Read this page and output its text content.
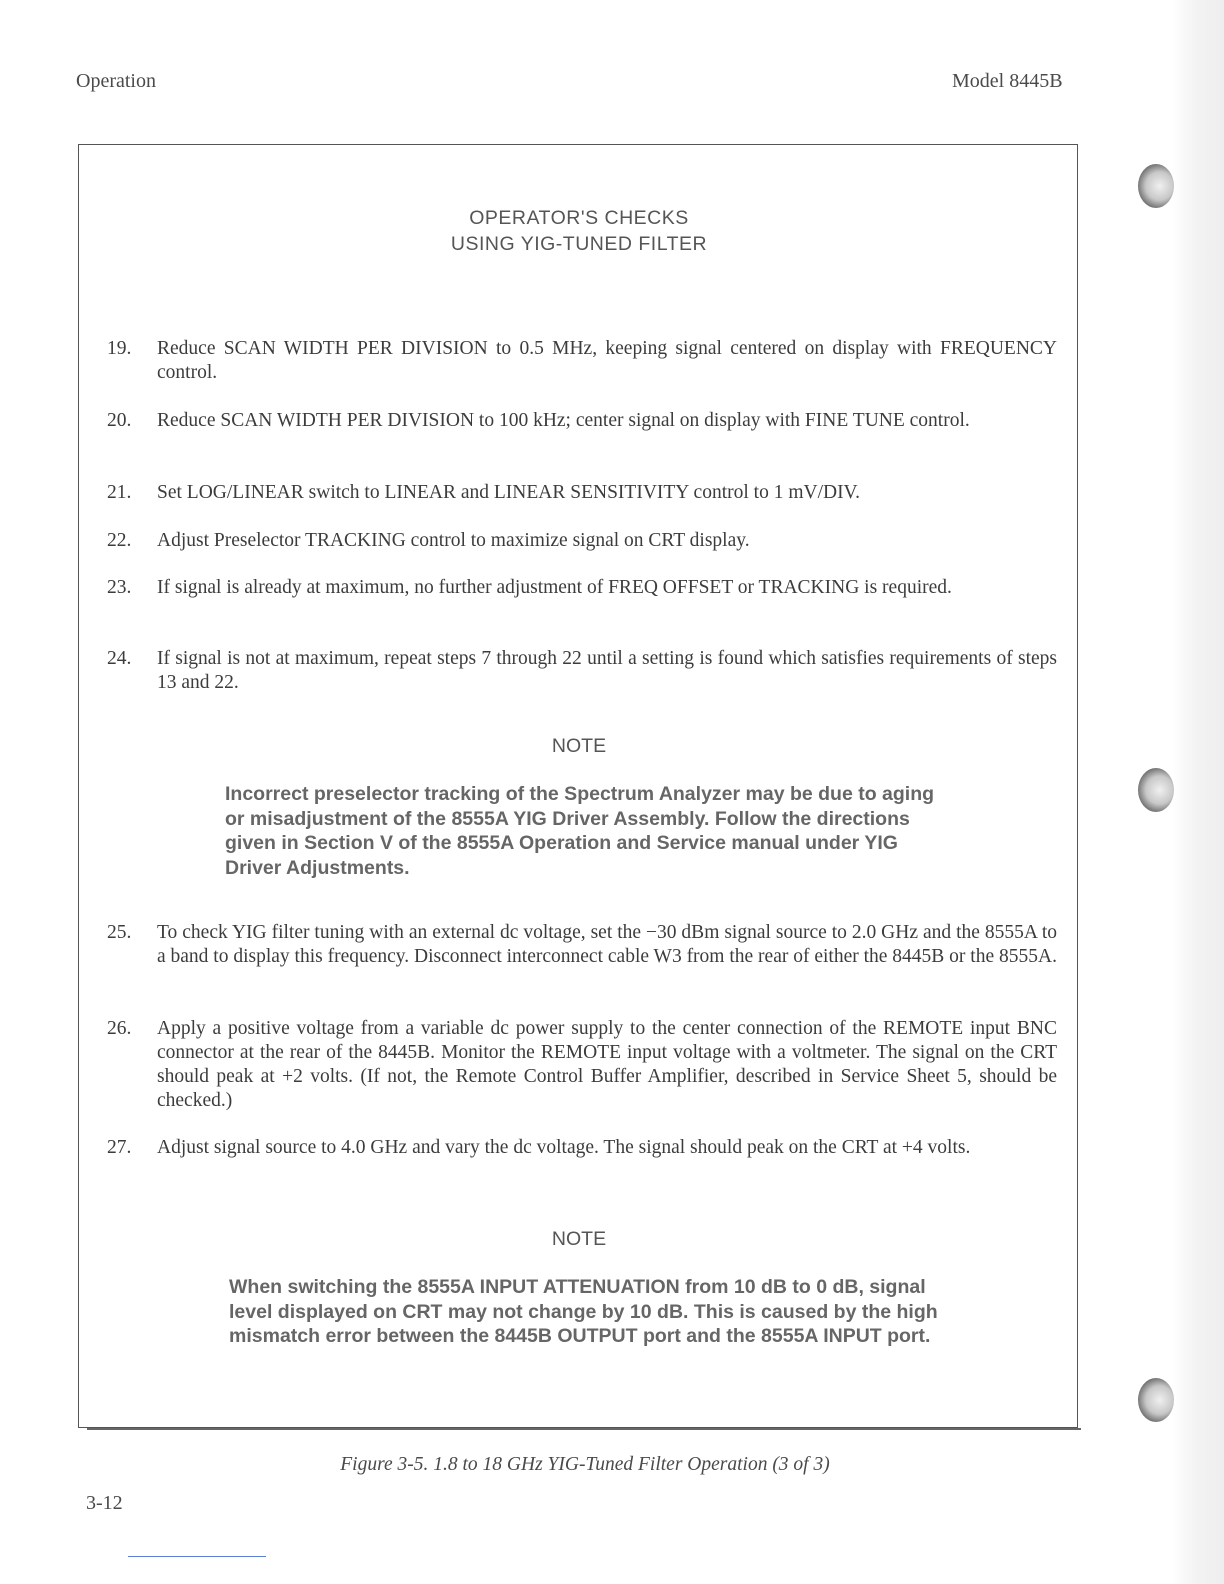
Operation	Model 8445B
OPERATOR'S CHECKS
USING YIG-TUNED FILTER
19.	Reduce SCAN WIDTH PER DIVISION to 0.5 MHz, keeping signal centered on display with FREQUENCY control.
20.	Reduce SCAN WIDTH PER DIVISION to 100 kHz; center signal on display with FINE TUNE control.
21.	Set LOG/LINEAR switch to LINEAR and LINEAR SENSITIVITY control to 1 mV/DIV.
22.	Adjust Preselector TRACKING control to maximize signal on CRT display.
23.	If signal is already at maximum, no further adjustment of FREQ OFFSET or TRACKING is required.
24.	If signal is not at maximum, repeat steps 7 through 22 until a setting is found which satisfies requirements of steps 13 and 22.
NOTE
Incorrect preselector tracking of the Spectrum Analyzer may be due to aging or misadjustment of the 8555A YIG Driver Assembly. Follow the directions given in Section V of the 8555A Operation and Service manual under YIG Driver Adjustments.
25.	To check YIG filter tuning with an external dc voltage, set the −30 dBm signal source to 2.0 GHz and the 8555A to a band to display this frequency. Disconnect interconnect cable W3 from the rear of either the 8445B or the 8555A.
26.	Apply a positive voltage from a variable dc power supply to the center connection of the REMOTE input BNC connector at the rear of the 8445B. Monitor the REMOTE input voltage with a voltmeter. The signal on the CRT should peak at +2 volts. (If not, the Remote Control Buffer Amplifier, described in Service Sheet 5, should be checked.)
27.	Adjust signal source to 4.0 GHz and vary the dc voltage. The signal should peak on the CRT at +4 volts.
NOTE
When switching the 8555A INPUT ATTENUATION from 10 dB to 0 dB, signal level displayed on CRT may not change by 10 dB. This is caused by the high mismatch error between the 8445B OUTPUT port and the 8555A INPUT port.
Figure 3-5. 1.8 to 18 GHz YIG-Tuned Filter Operation (3 of 3)
3-12
